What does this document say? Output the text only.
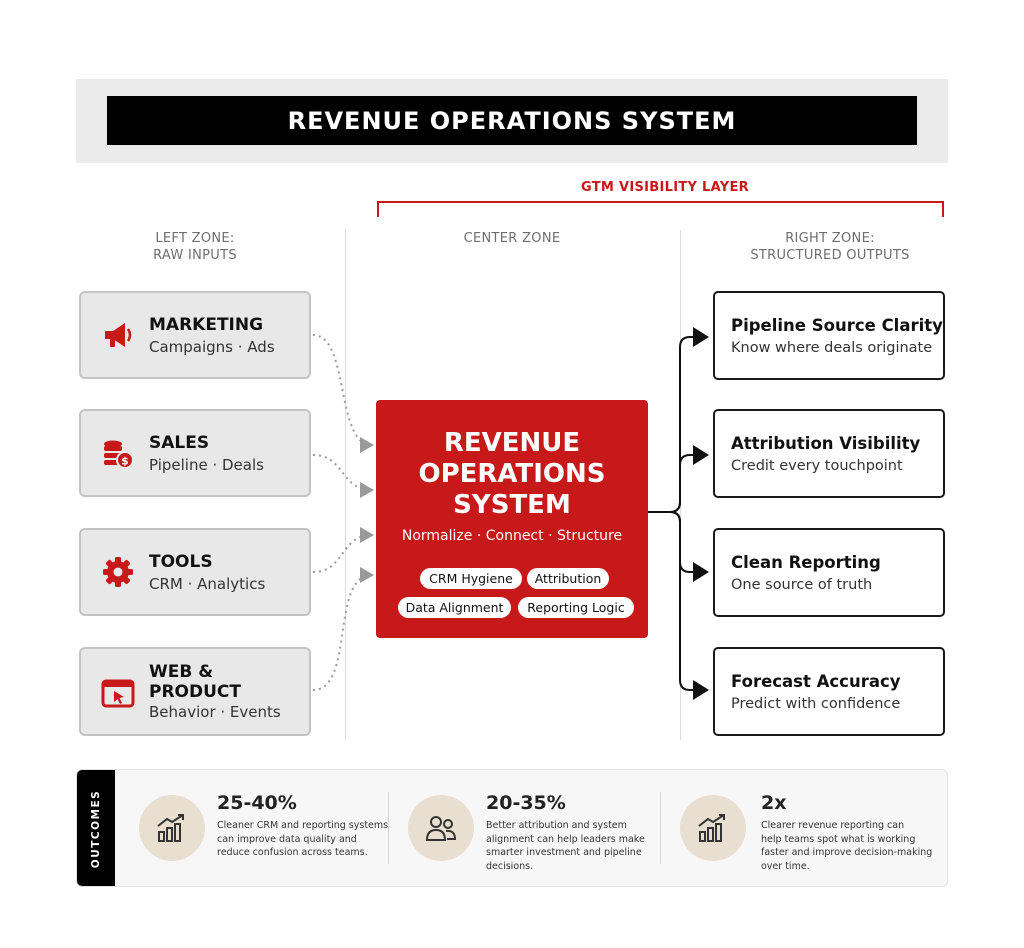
REVENUE OPERATIONS SYSTEM
GTM VISIBILITY LAYER
LEFT ZONE:
RAW INPUTS
CENTER ZONE	RIGHT ZONE:
STRUCTURED OUTPUTS
MARKETING
Campaigns · Ads
$
SALES
Pipeline · Deals
TOOLS
CRM · Analytics
WEB &
PRODUCT
Behavior · Events
REVENUE
OPERATIONS
SYSTEM
Normalize · Connect · Structure
CRM Hygiene	Attribution
Data Alignment	Reporting Logic
Pipeline Source Clarity
Know where deals originate
Attribution Visibility
Credit every touchpoint
Clean Reporting
One source of truth
Forecast Accuracy
Predict with confidence
OUTCOMES	25-40%
Cleaner CRM and reporting systems
can improve data quality and
reduce confusion across teams.
20-35%
Better attribution and system
alignment can help leaders make
smarter investment and pipeline
decisions.
2x
Clearer revenue reporting can
help teams spot what is working
faster and improve decision-making
over time.
